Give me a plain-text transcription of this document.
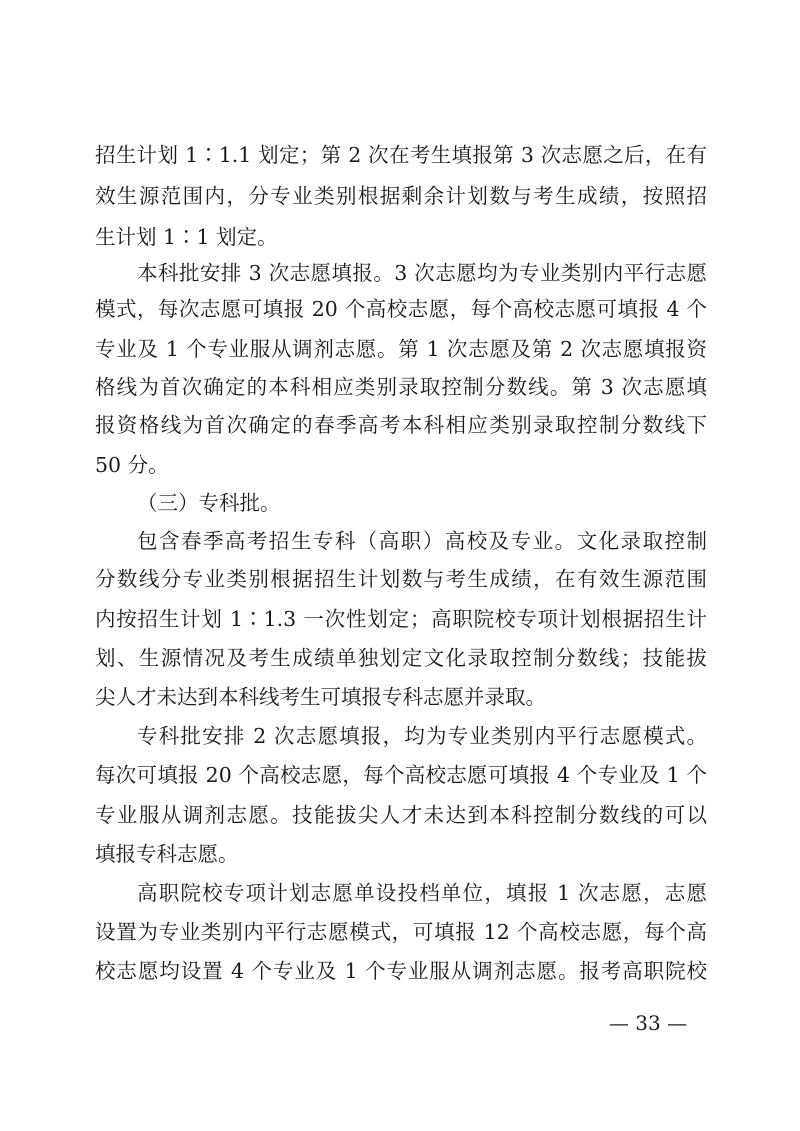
招生计划 1∶1.1 划定；第 2 次在考生填报第 3 次志愿之后，在有
效生源范围内，分专业类别根据剩余计划数与考生成绩，按照招
生计划 1∶1 划定。
本科批安排 3 次志愿填报。3 次志愿均为专业类别内平行志愿
模式，每次志愿可填报 20 个高校志愿，每个高校志愿可填报 4 个
专业及 1 个专业服从调剂志愿。第 1 次志愿及第 2 次志愿填报资
格线为首次确定的本科相应类别录取控制分数线。第 3 次志愿填
报资格线为首次确定的春季高考本科相应类别录取控制分数线下
50 分。
（三）专科批。
包含春季高考招生专科（高职）高校及专业。文化录取控制
分数线分专业类别根据招生计划数与考生成绩，在有效生源范围
内按招生计划 1∶1.3 一次性划定；高职院校专项计划根据招生计
划、生源情况及考生成绩单独划定文化录取控制分数线；技能拔
尖人才未达到本科线考生可填报专科志愿并录取。
专科批安排 2 次志愿填报，均为专业类别内平行志愿模式。
每次可填报 20 个高校志愿，每个高校志愿可填报 4 个专业及 1 个
专业服从调剂志愿。技能拔尖人才未达到本科控制分数线的可以
填报专科志愿。
高职院校专项计划志愿单设投档单位，填报 1 次志愿，志愿
设置为专业类别内平行志愿模式，可填报 12 个高校志愿，每个高
校志愿均设置 4 个专业及 1 个专业服从调剂志愿。报考高职院校
— 33 —
